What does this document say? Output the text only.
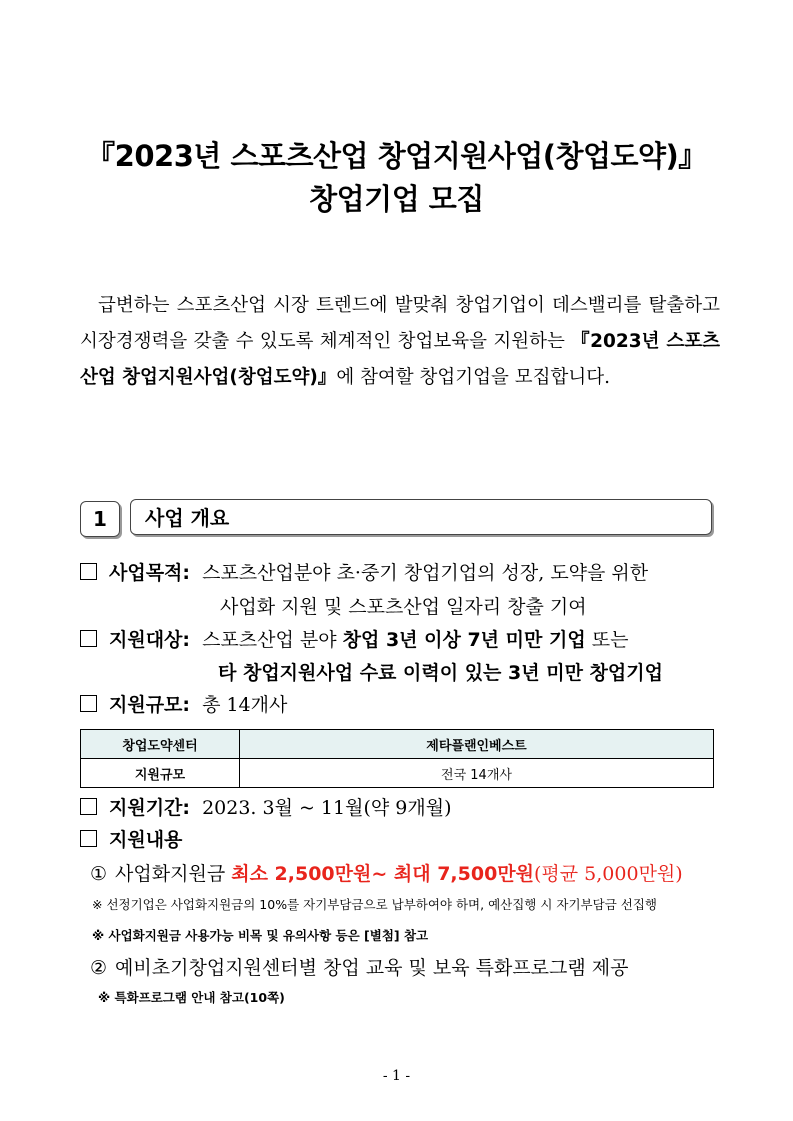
『2023년 스포츠산업 창업지원사업(창업도약)』
창업기업 모집
급변하는 스포츠산업 시장 트렌드에 발맞춰 창업기업이 데스밸리를 탈출하고 시장경쟁력을 갖출 수 있도록 체계적인 창업보육을 지원하는 『2023년 스포츠산업 창업지원사업(창업도약)』에 참여할 창업기업을 모집합니다.
1	사업 개요
사업목적: 스포츠산업분야 초·중기 창업기업의 성장, 도약을 위한
사업화 지원 및 스포츠산업 일자리 창출 기여
지원대상: 스포츠산업 분야 창업 3년 이상 7년 미만 기업 또는
타 창업지원사업 수료 이력이 있는 3년 미만 창업기업
지원규모: 총 14개사
창업도약센터	제타플랜인베스트
지원규모	전국 14개사
지원기간: 2023. 3월 ~ 11월(약 9개월)
지원내용
① 사업화지원금 최소 2,500만원~ 최대 7,500만원(평균 5,000만원)
※ 선정기업은 사업화지원금의 10%를 자기부담금으로 납부하여야 하며, 예산집행 시 자기부담금 선집행
※ 사업화지원금 사용가능 비목 및 유의사항 등은 [별첨] 참고
② 예비초기창업지원센터별 창업 교육 및 보육 특화프로그램 제공
※ 특화프로그램 안내 참고(10쪽)
- 1 -
